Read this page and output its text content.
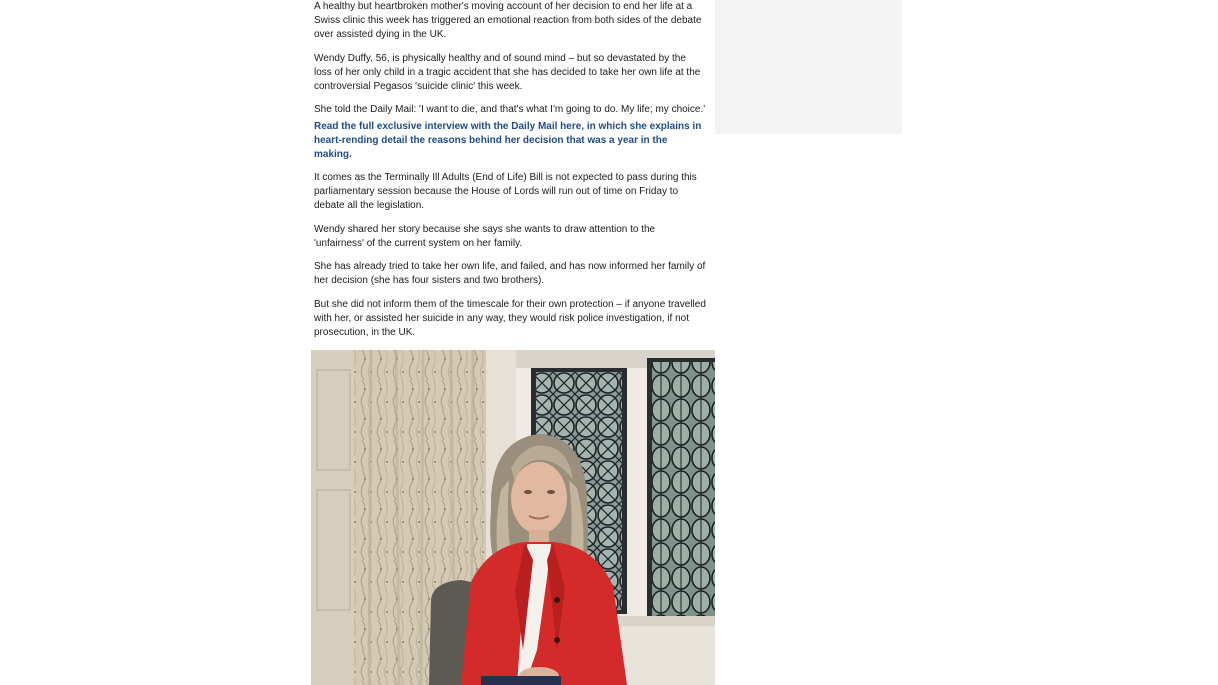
A healthy but heartbroken mother's moving account of her decision to end her life at a Swiss clinic this week has triggered an emotional reaction from both sides of the debate over assisted dying in the UK.

Wendy Duffy, 56, is physically healthy and of sound mind – but so devastated by the loss of her only child in a tragic accident that she has decided to take her own life at the controversial Pegasos 'suicide clinic' this week.

She told the Daily Mail: 'I want to die, and that's what I'm going to do. My life; my choice.'

Read the full exclusive interview with the Daily Mail here, in which she explains in heart-rending detail the reasons behind her decision that was a year in the making.

It comes as the Terminally Ill Adults (End of Life) Bill is not expected to pass during this parliamentary session because the House of Lords will run out of time on Friday to debate all the legislation.

Wendy shared her story because she says she wants to draw attention to the 'unfairness' of the current system on her family.

She has already tried to take her own life, and failed, and has now informed her family of her decision (she has four sisters and two brothers).

But she did not inform them of the timescale for their own protection – if anyone travelled with her, or assisted her suicide in any way, they would risk police investigation, if not prosecution, in the UK.
